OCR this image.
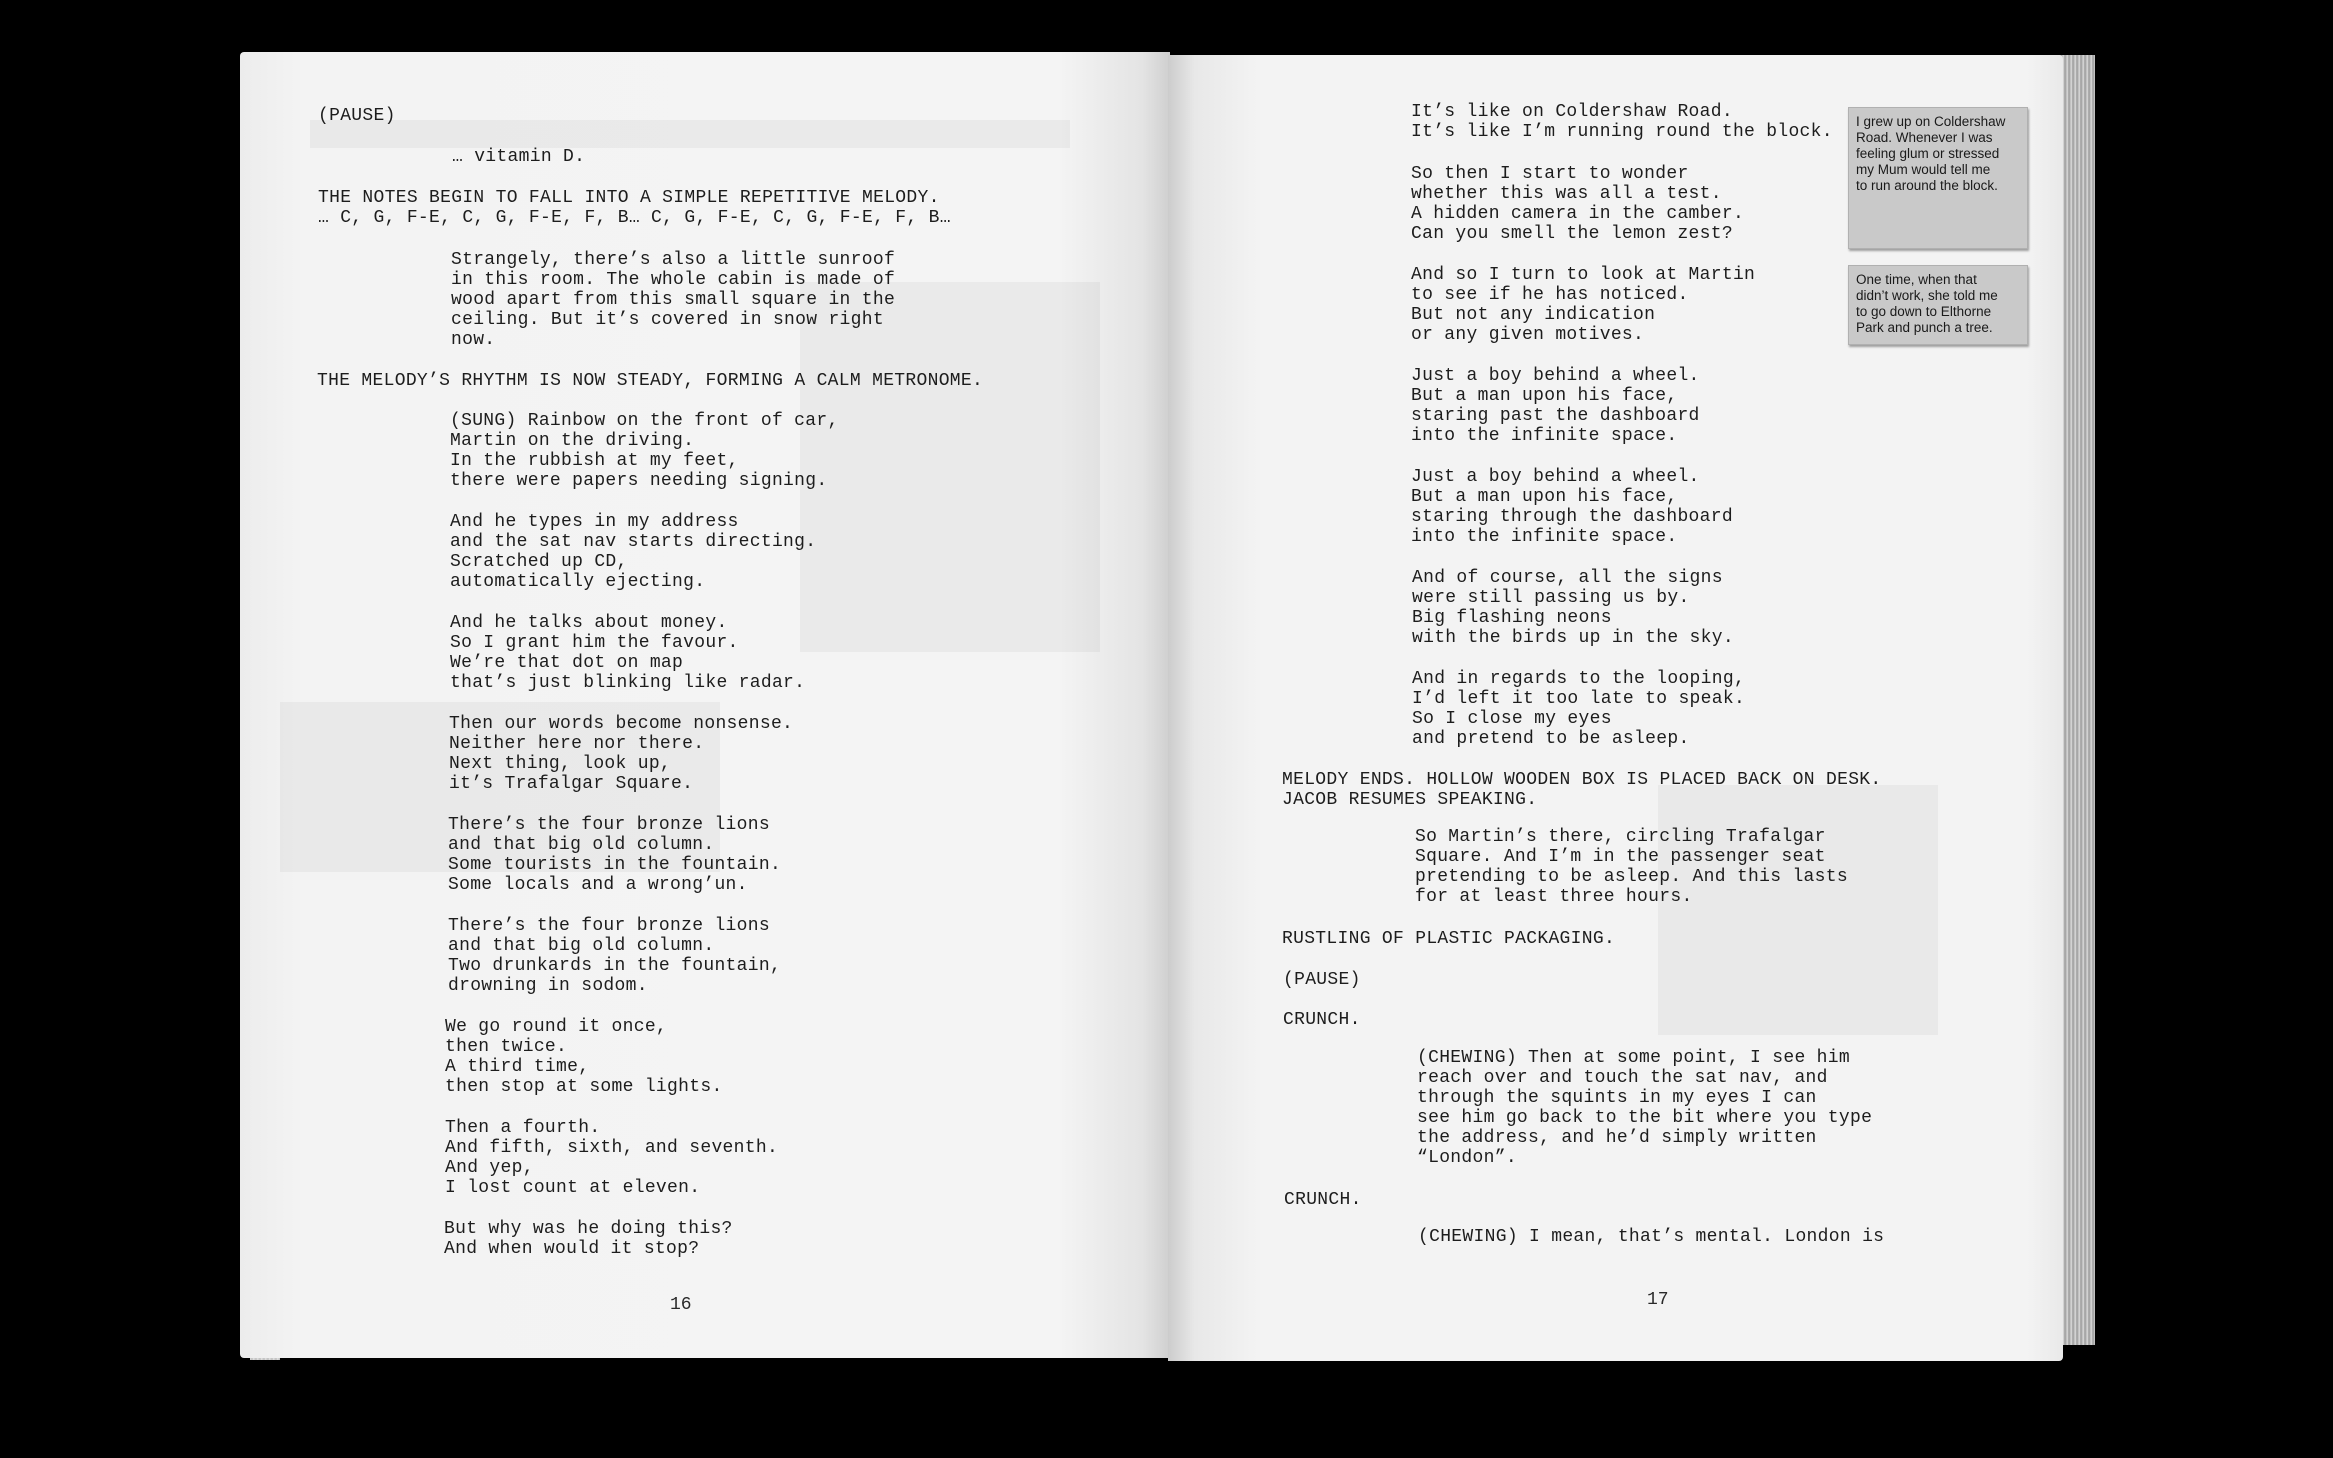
(PAUSE)
… vitamin D.
THE NOTES BEGIN TO FALL INTO A SIMPLE REPETITIVE MELODY.
… C, G, F-E, C, G, F-E, F, B… C, G, F-E, C, G, F-E, F, B…
Strangely, there’s also a little sunroof
in this room. The whole cabin is made of
wood apart from this small square in the
ceiling. But it’s covered in snow right
now.
THE MELODY’S RHYTHM IS NOW STEADY, FORMING A CALM METRONOME.
(SUNG) Rainbow on the front of car,
Martin on the driving.
In the rubbish at my feet,
there were papers needing signing.
And he types in my address
and the sat nav starts directing.
Scratched up CD,
automatically ejecting.
And he talks about money.
So I grant him the favour.
We’re that dot on map
that’s just blinking like radar.
Then our words become nonsense.
Neither here nor there.
Next thing, look up,
it’s Trafalgar Square.
There’s the four bronze lions
and that big old column.
Some tourists in the fountain.
Some locals and a wrong’un.
There’s the four bronze lions
and that big old column.
Two drunkards in the fountain,
drowning in sodom.
We go round it once,
then twice.
A third time,
then stop at some lights.
Then a fourth.
And fifth, sixth, and seventh.
And yep,
I lost count at eleven.
But why was he doing this?
And when would it stop?
16
It’s like on Coldershaw Road.
It’s like I’m running round the block.
So then I start to wonder
whether this was all a test.
A hidden camera in the camber.
Can you smell the lemon zest?
And so I turn to look at Martin
to see if he has noticed.
But not any indication
or any given motives.
Just a boy behind a wheel.
But a man upon his face,
staring past the dashboard
into the infinite space.
Just a boy behind a wheel.
But a man upon his face,
staring through the dashboard
into the infinite space.
And of course, all the signs
were still passing us by.
Big flashing neons
with the birds up in the sky.
And in regards to the looping,
I’d left it too late to speak.
So I close my eyes
and pretend to be asleep.
MELODY ENDS. HOLLOW WOODEN BOX IS PLACED BACK ON DESK.
JACOB RESUMES SPEAKING.
So Martin’s there, circling Trafalgar
Square. And I’m in the passenger seat
pretending to be asleep. And this lasts
for at least three hours.
RUSTLING OF PLASTIC PACKAGING.
(PAUSE)
CRUNCH.
(CHEWING) Then at some point, I see him
reach over and touch the sat nav, and
through the squints in my eyes I can
see him go back to the bit where you type
the address, and he’d simply written
“London”.
CRUNCH.
(CHEWING) I mean, that’s mental. London is
17
I grew up on Coldershaw
Road. Whenever I was
feeling glum or stressed
my Mum would tell me
to run around the block.
One time, when that
didn’t work, she told me
to go down to Elthorne
Park and punch a tree.
